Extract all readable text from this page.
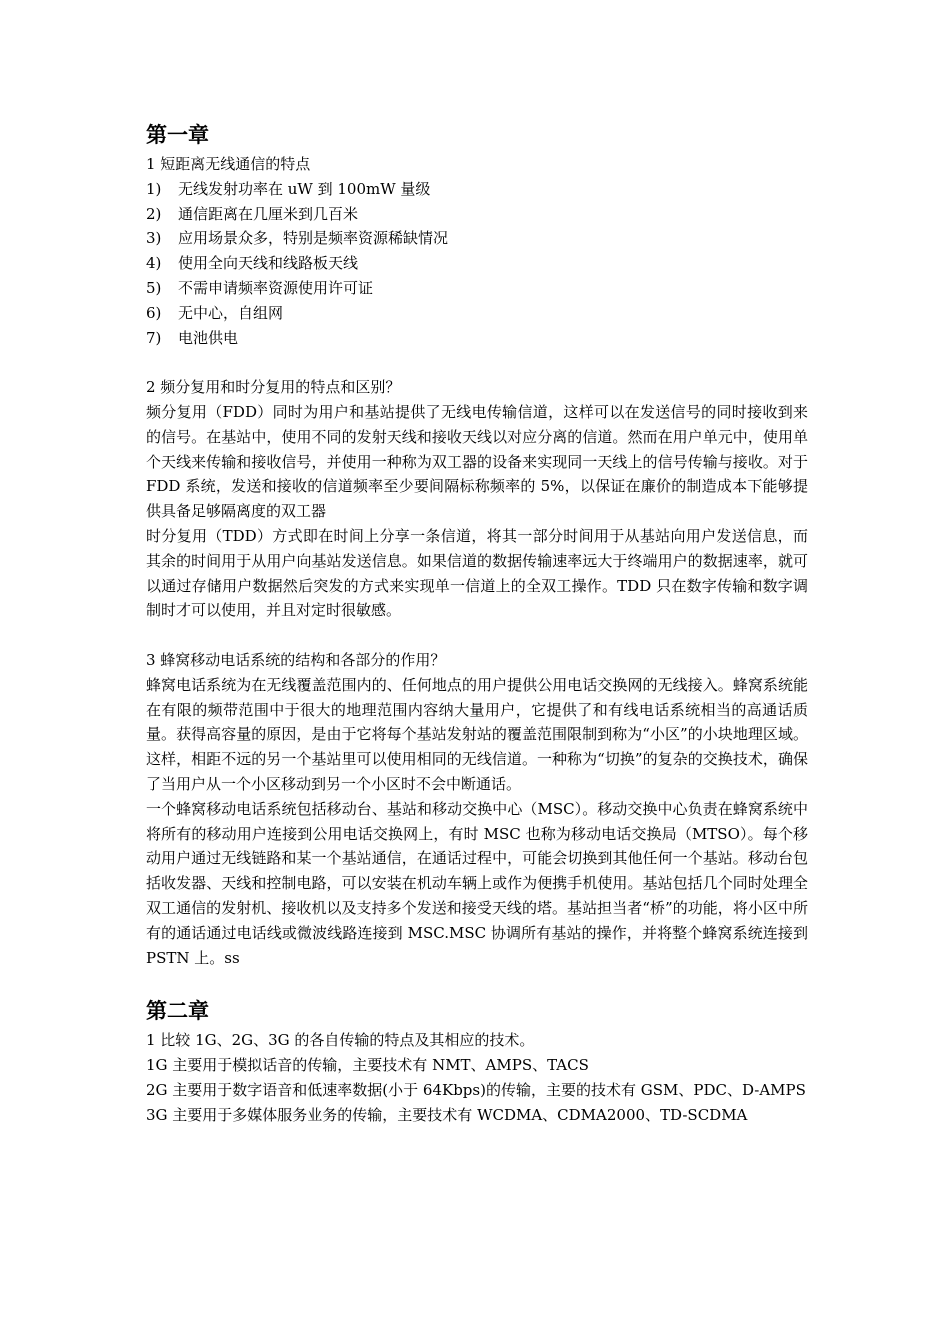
第一章
1 短距离无线通信的特点
1)	无线发射功率在 uW 到 100mW 量级
2)	通信距离在几厘米到几百米
3)	应用场景众多，特别是频率资源稀缺情况
4)	使用全向天线和线路板天线
5)	不需申请频率资源使用许可证
6)	无中心，自组网
7)	电池供电
2 频分复用和时分复用的特点和区别？

频分复用（FDD）同时为用户和基站提供了无线电传输信道，这样可以在发送信号的同时接收到来的信号。在基站中，使用不同的发射天线和接收天线以对应分离的信道。然而在用户单元中，使用单个天线来传输和接收信号，并使用一种称为双工器的设备来实现同一天线上的信号传输与接收。对于 FDD 系统，发送和接收的信道频率至少要间隔标称频率的 5%，以保证在廉价的制造成本下能够提供具备足够隔离度的双工器

时分复用（TDD）方式即在时间上分享一条信道，将其一部分时间用于从基站向用户发送信息，而其余的时间用于从用户向基站发送信息。如果信道的数据传输速率远大于终端用户的数据速率，就可以通过存储用户数据然后突发的方式来实现单一信道上的全双工操作。TDD 只在数字传输和数字调制时才可以使用，并且对定时很敏感。

3 蜂窝移动电话系统的结构和各部分的作用？

蜂窝电话系统为在无线覆盖范围内的、任何地点的用户提供公用电话交换网的无线接入。蜂窝系统能在有限的频带范围中于很大的地理范围内容纳大量用户，它提供了和有线电话系统相当的高通话质量。获得高容量的原因，是由于它将每个基站发射站的覆盖范围限制到称为“小区”的小块地理区域。这样，相距不远的另一个基站里可以使用相同的无线信道。一种称为“切换”的复杂的交换技术，确保了当用户从一个小区移动到另一个小区时不会中断通话。

一个蜂窝移动电话系统包括移动台、基站和移动交换中心（MSC）。移动交换中心负责在蜂窝系统中将所有的移动用户连接到公用电话交换网上，有时 MSC 也称为移动电话交换局（MTSO）。每个移动用户通过无线链路和某一个基站通信，在通话过程中，可能会切换到其他任何一个基站。移动台包括收发器、天线和控制电路，可以安装在机动车辆上或作为便携手机使用。基站包括几个同时处理全双工通信的发射机、接收机以及支持多个发送和接受天线的塔。基站担当者“桥”的功能，将小区中所有的通话通过电话线或微波线路连接到 MSC.MSC 协调所有基站的操作，并将整个蜂窝系统连接到 PSTN 上。ss

第二章
1 比较 1G、2G、3G 的各自传输的特点及其相应的技术。

1G 主要用于模拟话音的传输，主要技术有 NMT、AMPS、TACS

2G 主要用于数字语音和低速率数据(小于 64Kbps)的传输，主要的技术有 GSM、PDC、D-AMPS

3G 主要用于多媒体服务业务的传输，主要技术有 WCDMA、CDMA2000、TD-SCDMA
